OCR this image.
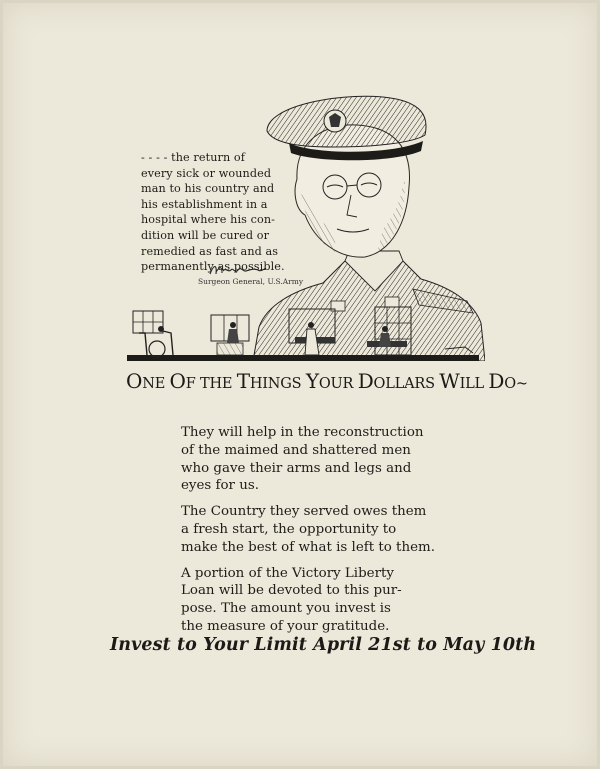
- - - - the return of
every sick or wounded
man to his country and
his establishment in a
hospital where his con-
dition will be cured or
remedied as fast and as
permanently as possible.
Surgeon General, U.S.Army
ONE OF THE THINGS YOUR DOLLARS WILL DO~
They will help in the reconstruction
of the maimed and shattered men
who gave their arms and legs and
eyes for us.
The Country they served owes them
a fresh start, the opportunity to
make the best of what is left to them.
A portion of the Victory Liberty
Loan will be devoted to this pur-
pose. The amount you invest is
the measure of your gratitude.
Invest to Your Limit April 21st to May 10th
